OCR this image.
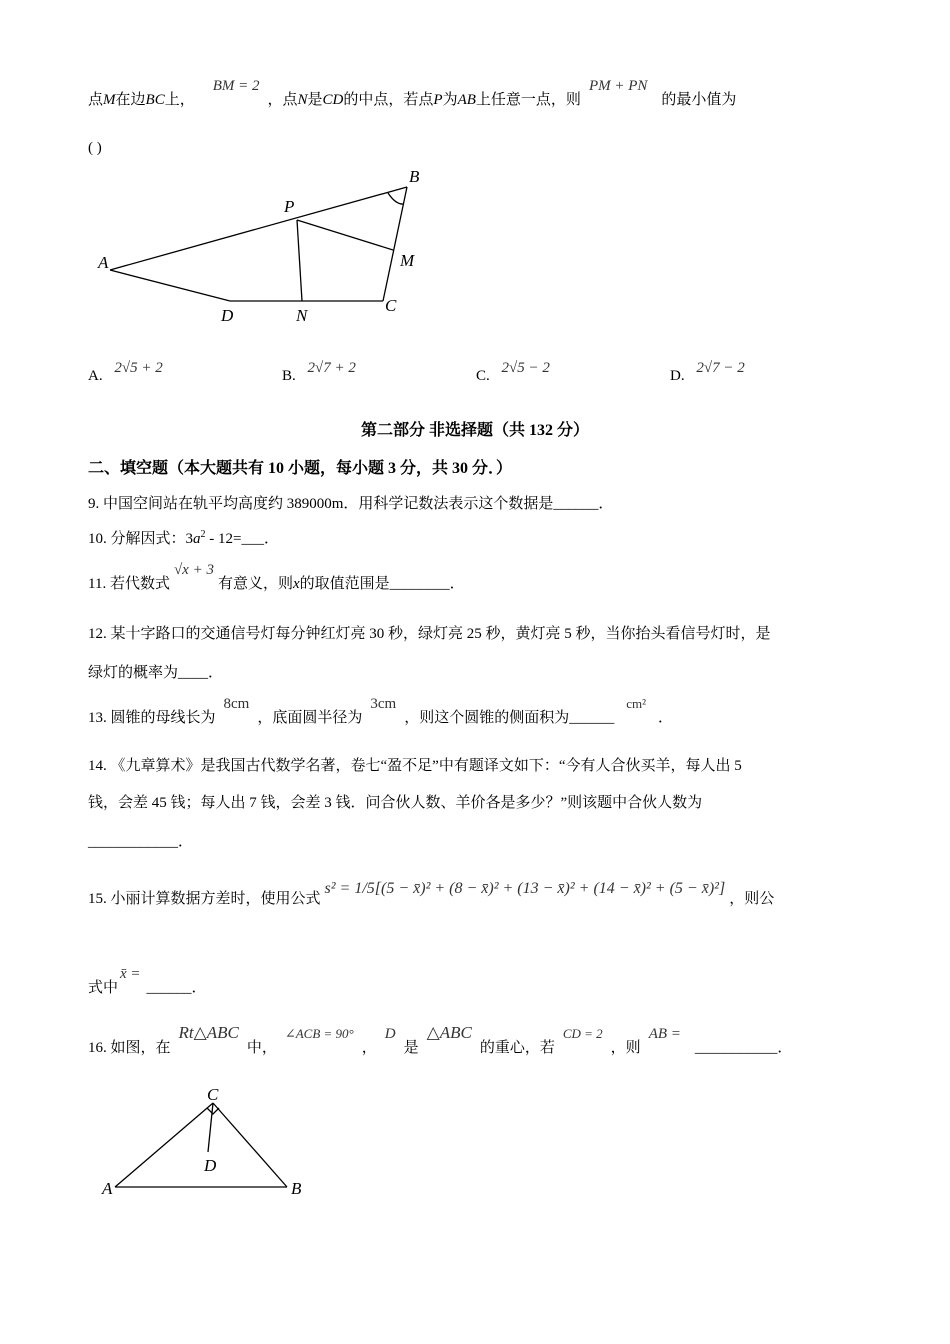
点M在边BC上，BM = 2，点N是CD的中点，若点P为AB上任意一点，则PM + PN的最小值为
( )
A
B
P
M
C
N
D
A. 2√5 + 2	B. 2√7 + 2	C. 2√5 − 2	D. 2√7 − 2
第二部分 非选择题（共 132 分）
二、填空题（本大题共有 10 小题，每小题 3 分，共 30 分．）
9. 中国空间站在轨平均高度约 389000m．用科学记数法表示这个数据是______．
10. 分解因式：$3a^2$ - 12=___．
11. 若代数式√x + 3有意义，则x的取值范围是________．
12. 某十字路口的交通信号灯每分钟红灯亮 30 秒，绿灯亮 25 秒，黄灯亮 5 秒，当你抬头看信号灯时，是
绿灯的概率为____．
13. 圆锥的母线长为8cm，底面圆半径为3cm，则这个圆锥的侧面积为______cm²．
14. 《九章算术》是我国古代数学名著，卷七“盈不足”中有题译文如下：“今有人合伙买羊，每人出 5
钱，会差 45 钱；每人出 7 钱，会差 3 钱．问合伙人数、羊价各是多少？”则该题中合伙人数为
____________．
15. 小丽计算数据方差时，使用公式s² = 1/5[(5 − x̄)² + (8 − x̄)² + (13 − x̄)² + (14 − x̄)² + (5 − x̄)²]，则公
式中x̄ =______．
16. 如图，在Rt△ABC中，∠ACB = 90°，D是△ABC的重心，若CD = 2，则AB =___________．
C
A	B
D
